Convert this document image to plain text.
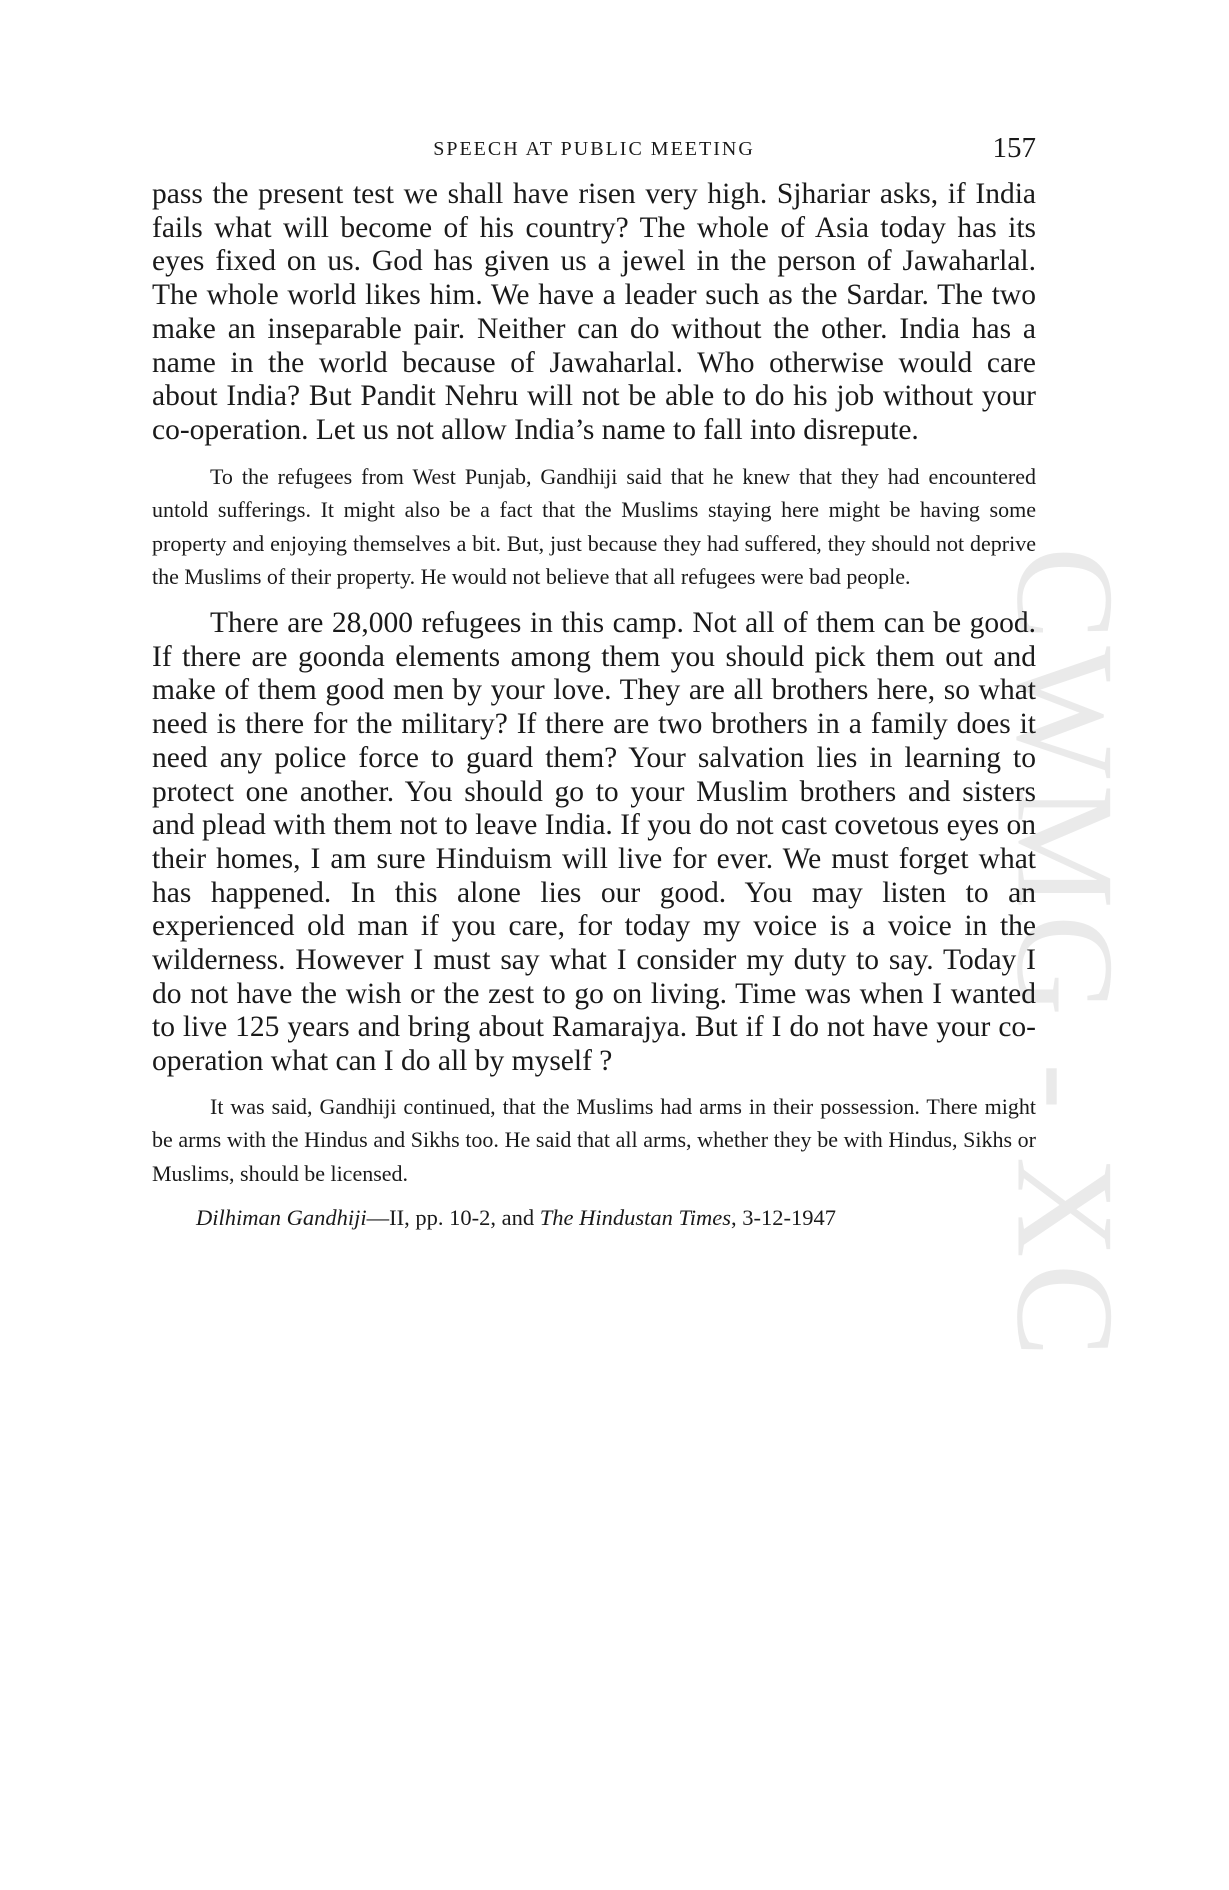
SPEECH AT PUBLIC MEETING	157
CWMG - XC

pass the present test we shall have risen very high. Sjhariar asks, if India fails what will become of his country? The whole of Asia today has its eyes fixed on us. God has given us a jewel in the person of Jawaharlal. The whole world likes him. We have a leader such as the Sardar. The two make an inseparable pair. Neither can do without the other. India has a name in the world because of Jawaharlal. Who otherwise would care about India? But Pandit Nehru will not be able to do his job without your co-operation. Let us not allow India’s name to fall into disrepute.

To the refugees from West Punjab, Gandhiji said that he knew that they had encountered untold sufferings. It might also be a fact that the Muslims staying here might be having some property and enjoying themselves a bit. But, just because they had suffered, they should not deprive the Muslims of their property. He would not believe that all refugees were bad people.

There are 28,000 refugees in this camp. Not all of them can be good. If there are goonda elements among them you should pick them out and make of them good men by your love. They are all brothers here, so what need is there for the military? If there are two brothers in a family does it need any police force to guard them? Your salvation lies in learning to protect one another. You should go to your Muslim brothers and sisters and plead with them not to leave India. If you do not cast covetous eyes on their homes, I am sure Hinduism will live for ever. We must forget what has happened. In this alone lies our good. You may listen to an experienced old man if you care, for today my voice is a voice in the wilderness. However I must say what I consider my duty to say. Today I do not have the wish or the zest to go on living. Time was when I wanted to live 125 years and bring about Ramarajya. But if I do not have your co-operation what can I do all by myself ?

It was said, Gandhiji continued, that the Muslims had arms in their possession. There might be arms with the Hindus and Sikhs too. He said that all arms, whether they be with Hindus, Sikhs or Muslims, should be licensed.

Dilhiman Gandhiji—II, pp. 10-2, and The Hindustan Times, 3-12-1947
